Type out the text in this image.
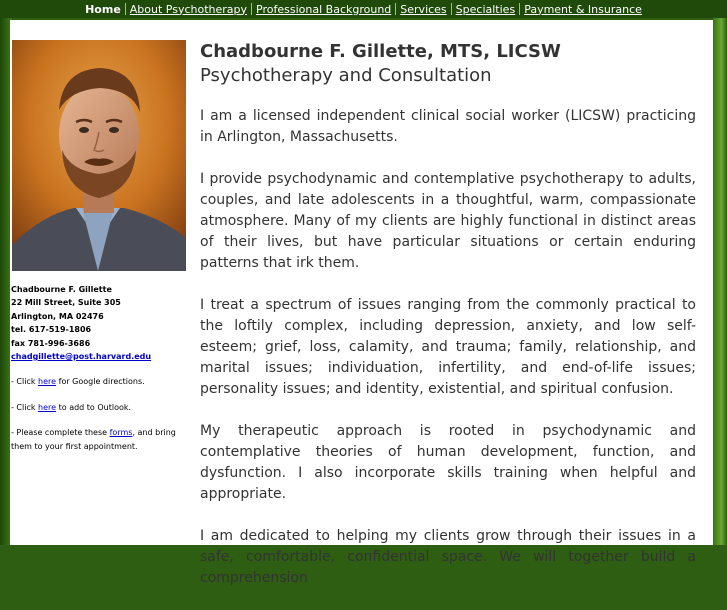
Home About Psychotherapy Professional Background Services Specialties Payment & Insurance
Chadbourne F. Gillette
22 Mill Street, Suite 305
Arlington, MA 02476
tel. 617-519-1806
fax 781-996-3686
chadgillette@post.harvard.edu
- Click here for Google directions.
- Click here to add to Outlook.
- Please complete these forms, and bring them to your first appointment.
Chadbourne F. Gillette, MTS, LICSW
Psychotherapy and Consultation

I am a licensed independent clinical social worker (LICSW) practicing in Arlington, Massachusetts.

I provide psychodynamic and contemplative psychotherapy to adults, couples, and late adolescents in a thoughtful, warm, compassionate atmosphere. Many of my clients are highly functional in distinct areas of their lives, but have particular situations or certain enduring patterns that irk them.

I treat a spectrum of issues ranging from the commonly practical to the loftily complex, including depression, anxiety, and low self-esteem; grief, loss, calamity, and trauma; family, relationship, and marital issues; individuation, infertility, and end-of-life issues; personality issues; and identity, existential, and spiritual confusion.

My therapeutic approach is rooted in psychodynamic and contemplative theories of human development, function, and dysfunction. I also incorporate skills training when helpful and appropriate.

I am dedicated to helping my clients grow through their issues in a safe, comfortable, confidential space. We will together build a comprehension
